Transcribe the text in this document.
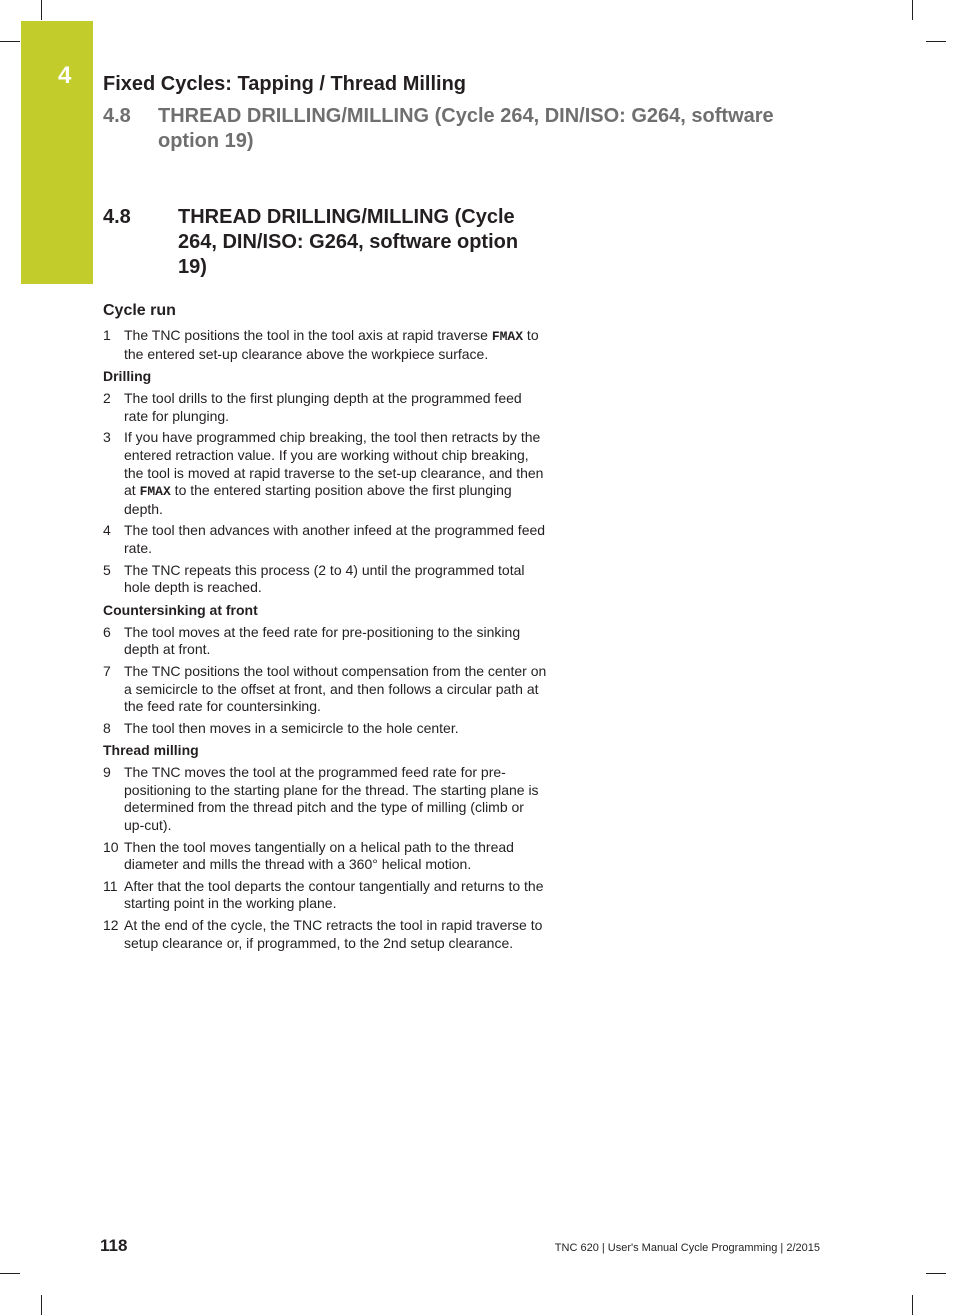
4 Fixed Cycles: Tapping / Thread Milling
4.8 THREAD DRILLING/MILLING (Cycle 264, DIN/ISO: G264, software option 19)
4.8 THREAD DRILLING/MILLING (Cycle 264, DIN/ISO: G264, software option 19)
Cycle run
1 The TNC positions the tool in the tool axis at rapid traverse FMAX to the entered set-up clearance above the workpiece surface.
Drilling
2 The tool drills to the first plunging depth at the programmed feed rate for plunging.
3 If you have programmed chip breaking, the tool then retracts by the entered retraction value. If you are working without chip breaking, the tool is moved at rapid traverse to the set-up clearance, and then at FMAX to the entered starting position above the first plunging depth.
4 The tool then advances with another infeed at the programmed feed rate.
5 The TNC repeats this process (2 to 4) until the programmed total hole depth is reached.
Countersinking at front
6 The tool moves at the feed rate for pre-positioning to the sinking depth at front.
7 The TNC positions the tool without compensation from the center on a semicircle to the offset at front, and then follows a circular path at the feed rate for countersinking.
8 The tool then moves in a semicircle to the hole center.
Thread milling
9 The TNC moves the tool at the programmed feed rate for pre-positioning to the starting plane for the thread. The starting plane is determined from the thread pitch and the type of milling (climb or up-cut).
10 Then the tool moves tangentially on a helical path to the thread diameter and mills the thread with a 360° helical motion.
11 After that the tool departs the contour tangentially and returns to the starting point in the working plane.
12 At the end of the cycle, the TNC retracts the tool in rapid traverse to setup clearance or, if programmed, to the 2nd setup clearance.
118	TNC 620 | User's Manual Cycle Programming | 2/2015
